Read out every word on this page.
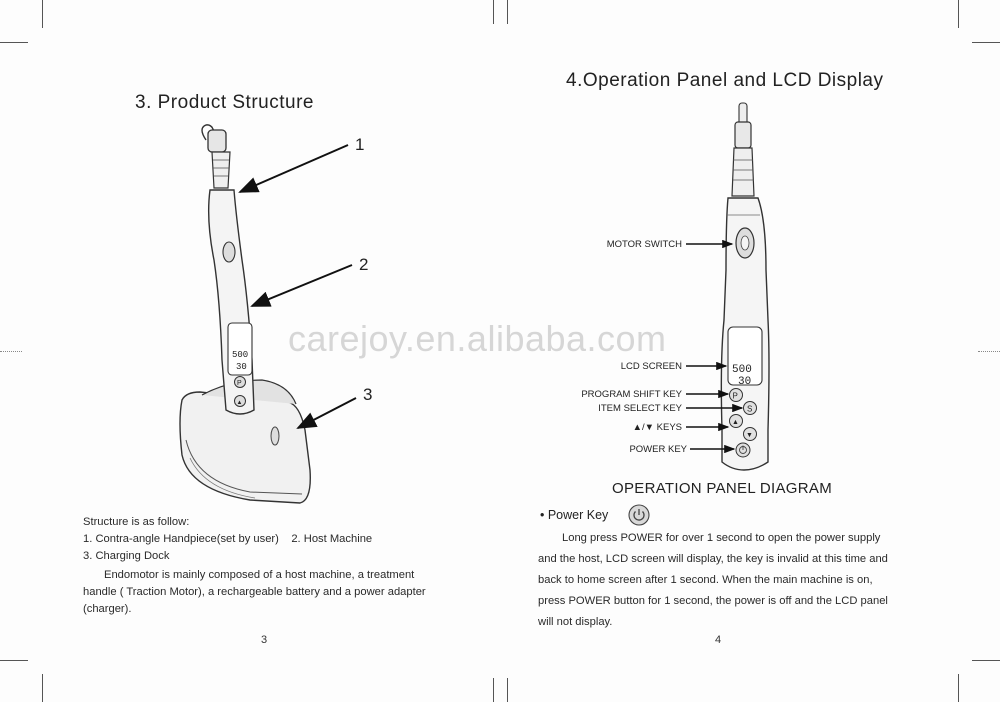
3. Product Structure
500
30
P
▲
1
2
3
Structure is as follow:
1. Contra-angle Handpiece(set by user)    2. Host Machine
3. Charging Dock
Endomotor is mainly composed of a host machine, a treatment
handle ( Traction Motor), a rechargeable battery and a power adapter
(charger).
3
4.Operation Panel and LCD Display
500
30
P
S
▲
▼
MOTOR SWITCH
LCD SCREEN
PROGRAM SHIFT KEY
ITEM SELECT KEY
▲/▼ KEYS
POWER KEY
OPERATION PANEL DIAGRAM
• Power Key
Long press POWER for over 1 second to open the power supply
and the host, LCD screen will display, the key is invalid at this time and
back to home screen after 1 second. When the main machine is on,
press POWER button for 1 second, the power is off and the LCD panel
will not display.
4
carejoy.en.alibaba.com
